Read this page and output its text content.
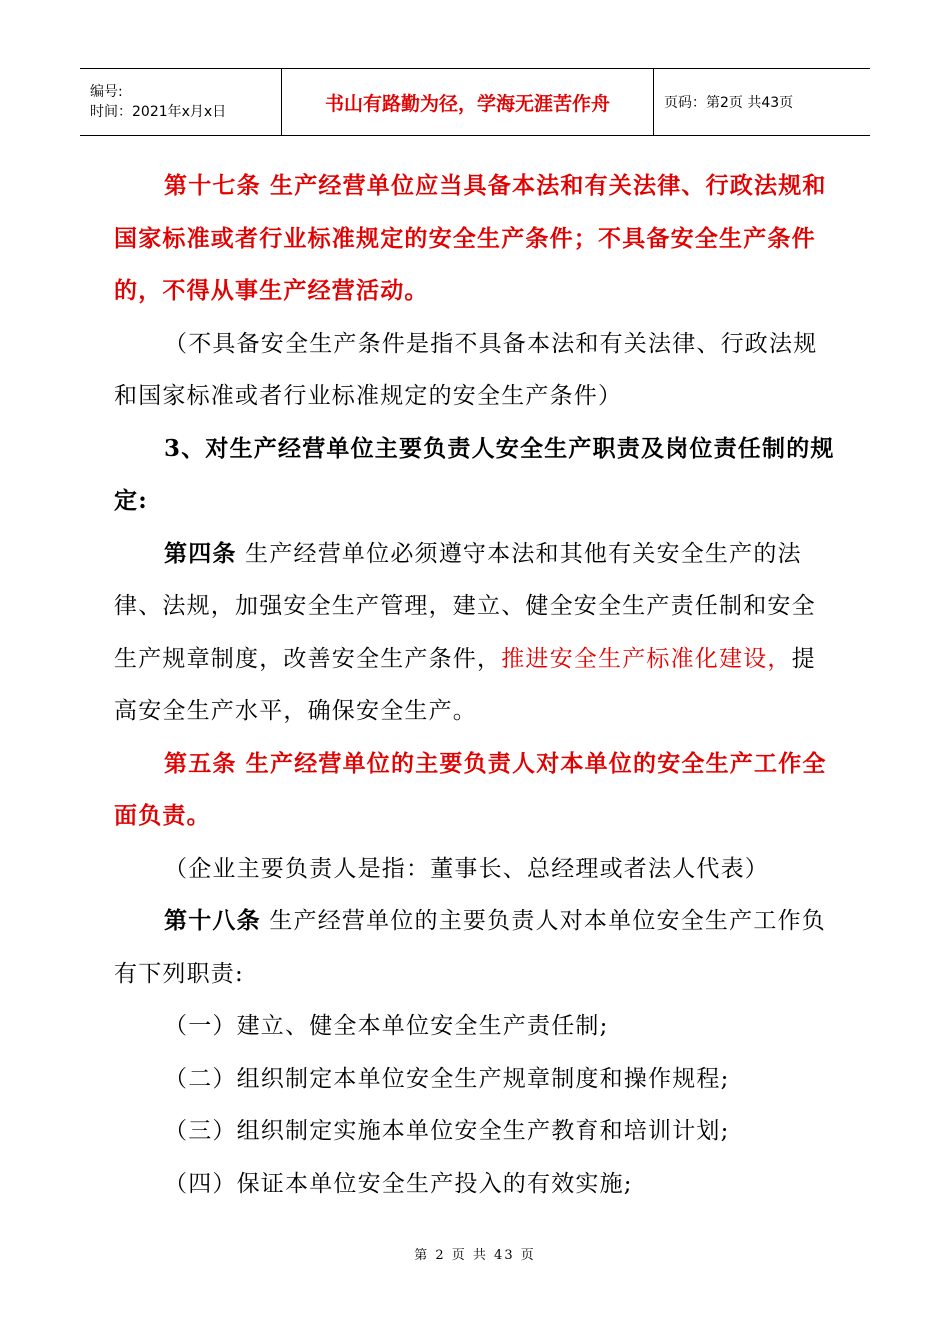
编号:
时间：2021年x月x日	书山有路勤为径，学海无涯苦作舟	页码：第2页 共43页

第十七条 生产经营单位应当具备本法和有关法律、行政法规和国家标准或者行业标准规定的安全生产条件；不具备安全生产条件的，不得从事生产经营活动。

（不具备安全生产条件是指不具备本法和有关法律、行政法规和国家标准或者行业标准规定的安全生产条件）

3、对生产经营单位主要负责人安全生产职责及岗位责任制的规定:

第四条 生产经营单位必须遵守本法和其他有关安全生产的法律、法规，加强安全生产管理，建立、健全安全生产责任制和安全生产规章制度，改善安全生产条件，推进安全生产标准化建设，提高安全生产水平，确保安全生产。

第五条 生产经营单位的主要负责人对本单位的安全生产工作全面负责。

（企业主要负责人是指：董事长、总经理或者法人代表）

第十八条 生产经营单位的主要负责人对本单位安全生产工作负有下列职责:

（一）建立、健全本单位安全生产责任制;

（二）组织制定本单位安全生产规章制度和操作规程;

（三）组织制定实施本单位安全生产教育和培训计划;

（四）保证本单位安全生产投入的有效实施;

第 2 页 共 43 页
